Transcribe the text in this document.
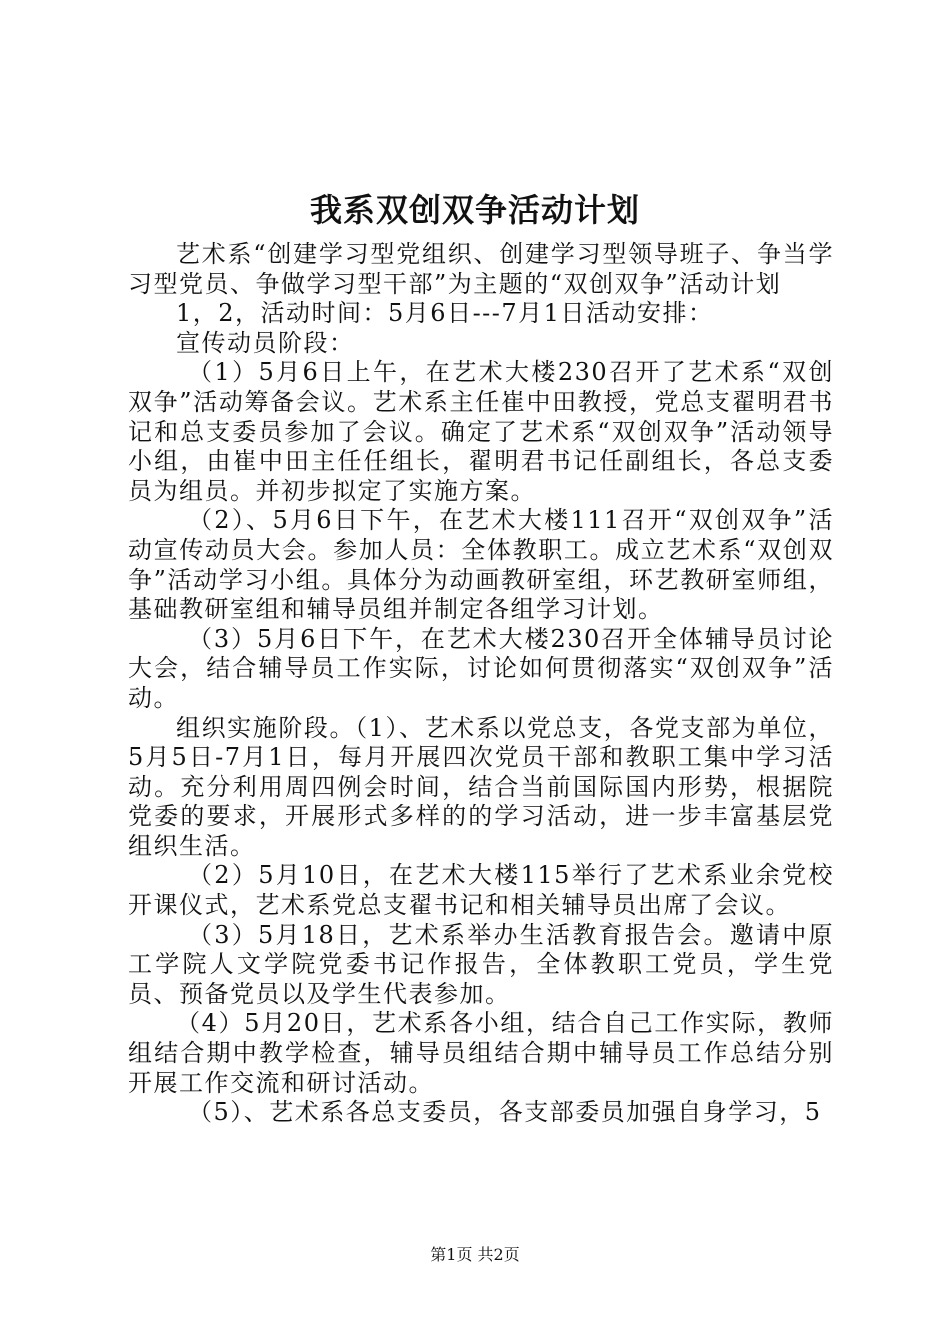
我系双创双争活动计划

艺术系“创建学习型党组织、创建学习型领导班子、争当学习型党员、争做学习型干部”为主题的“双创双争”活动计划

1，2，活动时间：5月6日---7月1日活动安排：

宣传动员阶段：

（1）5月6日上午，在艺术大楼230召开了艺术系“双创双争”活动筹备会议。艺术系主任崔中田教授，党总支翟明君书记和总支委员参加了会议。确定了艺术系“双创双争”活动领导小组，由崔中田主任任组长，翟明君书记任副组长，各总支委员为组员。并初步拟定了实施方案。

（2）、5月6日下午，在艺术大楼111召开“双创双争”活动宣传动员大会。参加人员：全体教职工。成立艺术系“双创双争”活动学习小组。具体分为动画教研室组，环艺教研室师组，基础教研室组和辅导员组并制定各组学习计划。

（3）5月6日下午，在艺术大楼230召开全体辅导员讨论大会，结合辅导员工作实际，讨论如何贯彻落实“双创双争”活动。

组织实施阶段。（1）、艺术系以党总支，各党支部为单位，5月5日-7月1日，每月开展四次党员干部和教职工集中学习活动。充分利用周四例会时间，结合当前国际国内形势，根据院党委的要求，开展形式多样的的学习活动，进一步丰富基层党组织生活。

（2）5月10日，在艺术大楼115举行了艺术系业余党校开课仪式，艺术系党总支翟书记和相关辅导员出席了会议。

（3）5月18日，艺术系举办生活教育报告会。邀请中原工学院人文学院党委书记作报告，全体教职工党员，学生党员、预备党员以及学生代表参加。

（4）5月20日，艺术系各小组，结合自己工作实际，教师组结合期中教学检查，辅导员组结合期中辅导员工作总结分别开展工作交流和研讨活动。

（5）、艺术系各总支委员，各支部委员加强自身学习，5

第1页 共2页
